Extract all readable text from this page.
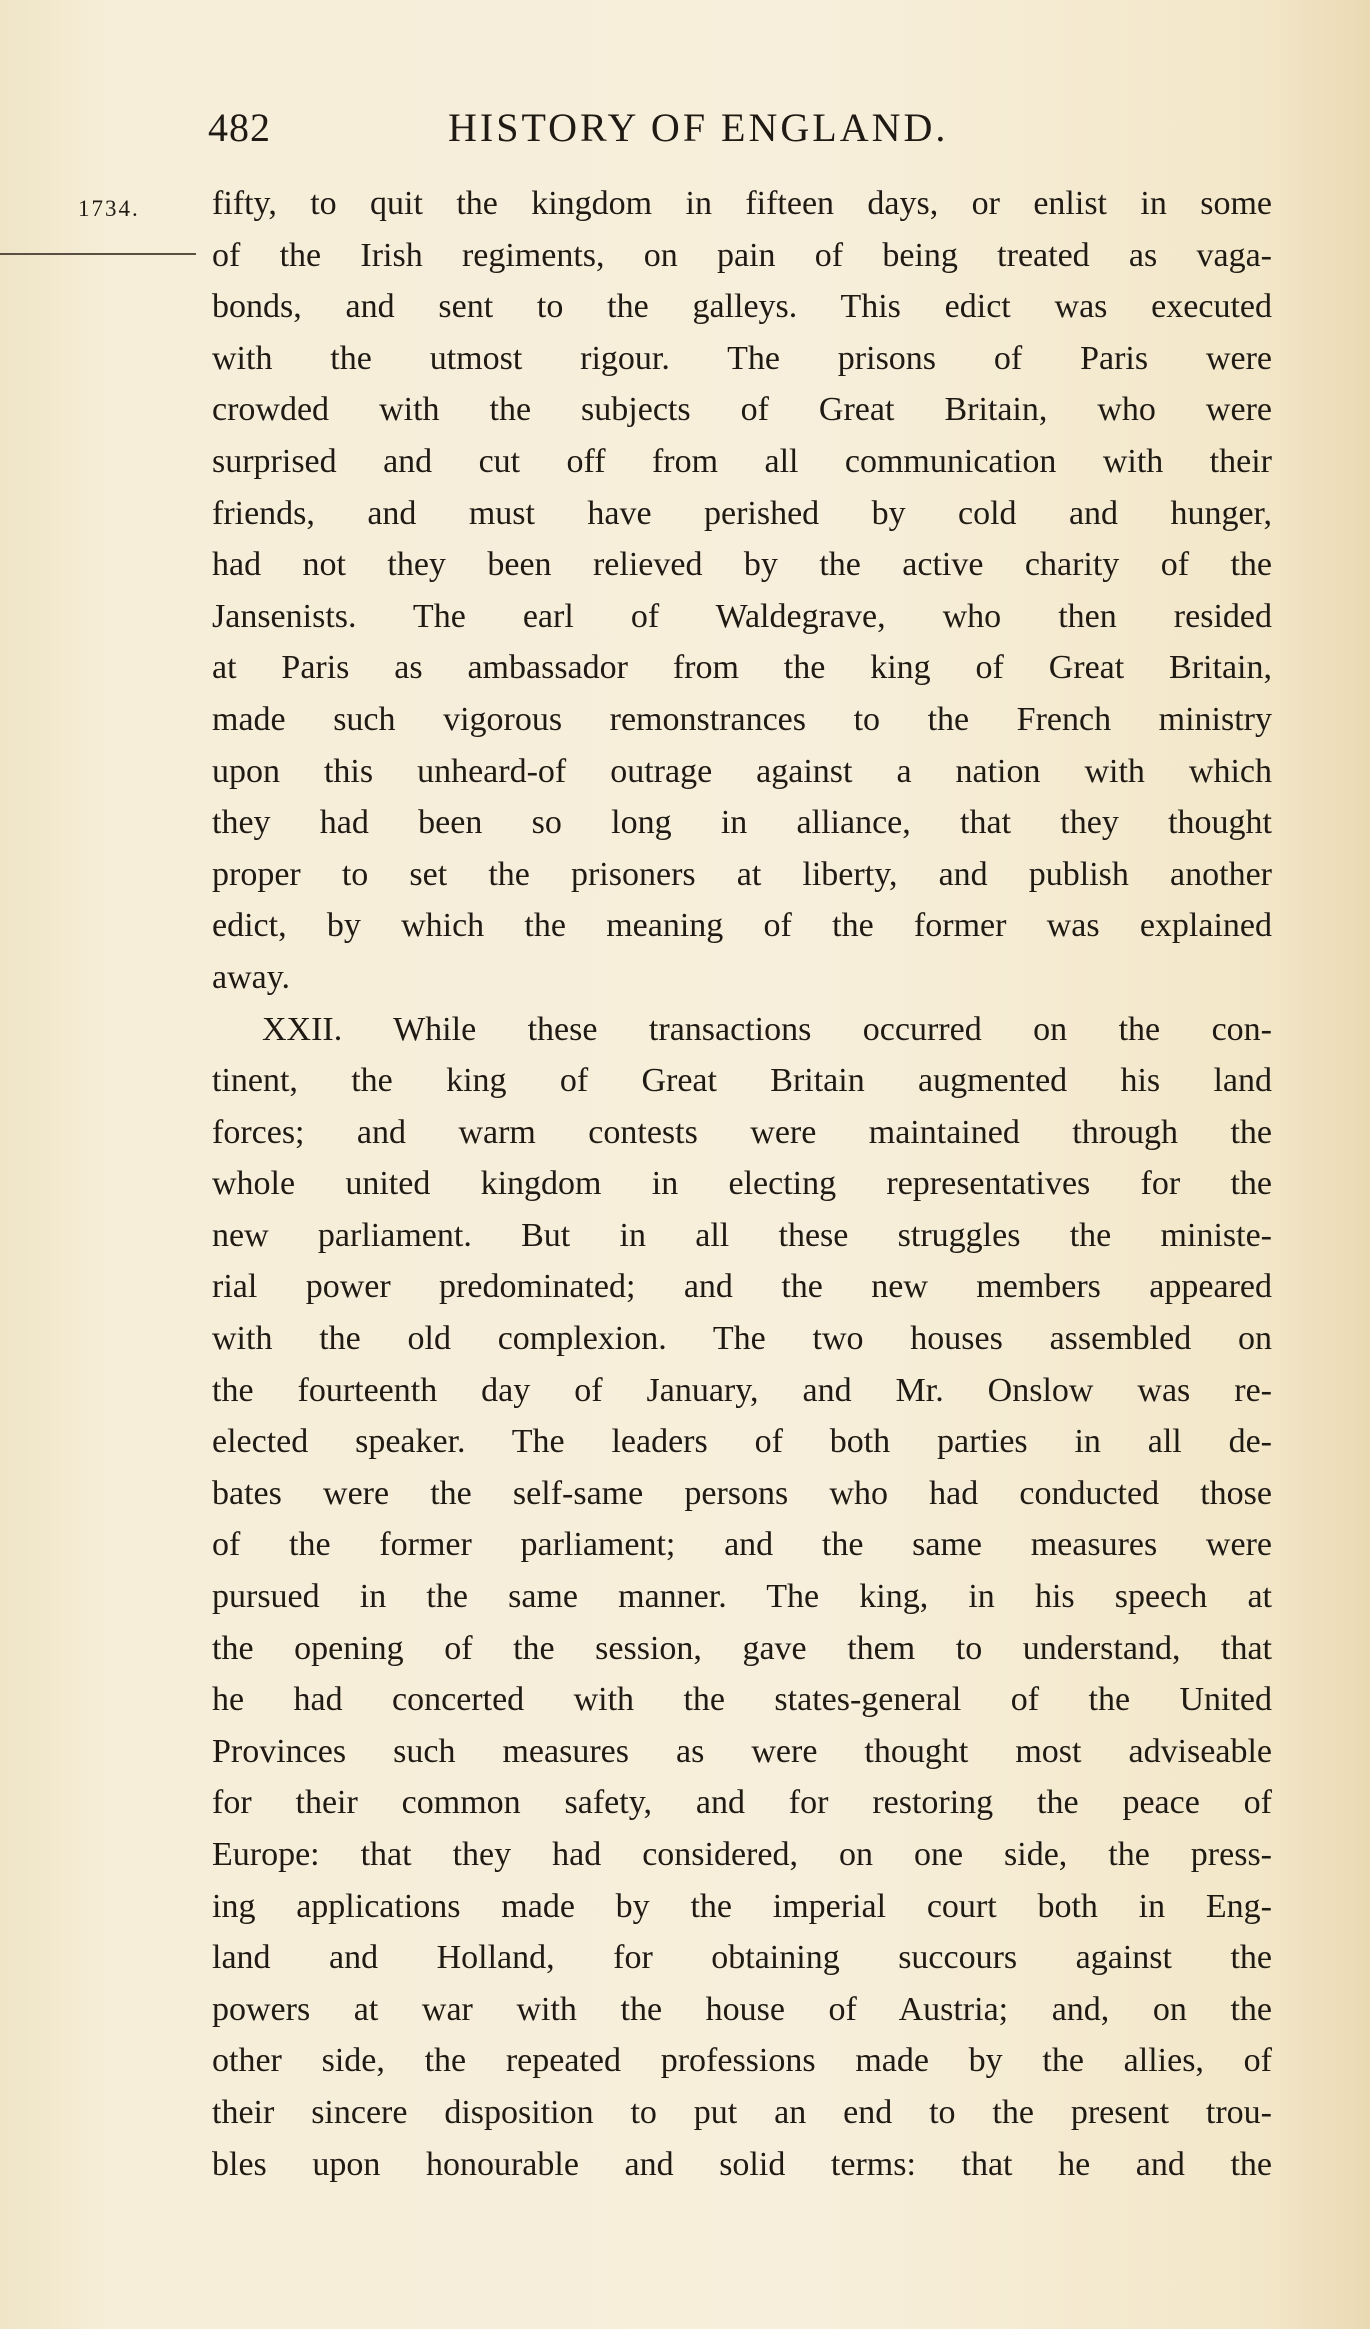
482	HISTORY OF ENGLAND.
1734. fifty, to quit the kingdom in fifteen days, or enlist in some
of the Irish regiments, on pain of being treated as vaga-
bonds, and sent to the galleys. This edict was executed
with the utmost rigour. The prisons of Paris were
crowded with the subjects of Great Britain, who were
surprised and cut off from all communication with their
friends, and must have perished by cold and hunger,
had not they been relieved by the active charity of the
Jansenists. The earl of Waldegrave, who then resided
at Paris as ambassador from the king of Great Britain,
made such vigorous remonstrances to the French ministry
upon this unheard-of outrage against a nation with which
they had been so long in alliance, that they thought
proper to set the prisoners at liberty, and publish another
edict, by which the meaning of the former was explained
away.
XXII. While these transactions occurred on the con-
tinent, the king of Great Britain augmented his land
forces; and warm contests were maintained through the
whole united kingdom in electing representatives for the
new parliament. But in all these struggles the ministe-
rial power predominated; and the new members appeared
with the old complexion. The two houses assembled on
the fourteenth day of January, and Mr. Onslow was re-
elected speaker. The leaders of both parties in all de-
bates were the self-same persons who had conducted those
of the former parliament; and the same measures were
pursued in the same manner. The king, in his speech at
the opening of the session, gave them to understand, that
he had concerted with the states-general of the United
Provinces such measures as were thought most adviseable
for their common safety, and for restoring the peace of
Europe: that they had considered, on one side, the press-
ing applications made by the imperial court both in Eng-
land and Holland, for obtaining succours against the
powers at war with the house of Austria; and, on the
other side, the repeated professions made by the allies, of
their sincere disposition to put an end to the present trou-
bles upon honourable and solid terms: that he and the
